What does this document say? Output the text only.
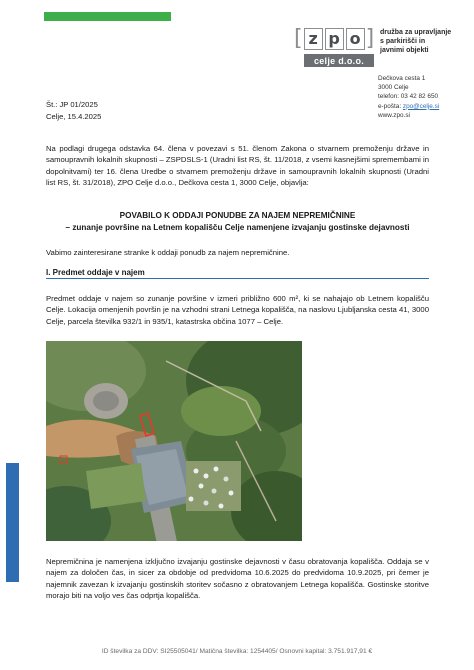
[ z p o ]
celje d.o.o.
družba za upravljanje
s parkirišči in
javnimi objekti
Dečkova cesta 1
3000 Celje
telefon: 03 42 82 650
e-pošta: zpo@celje.si
www.zpo.si
Št.: JP 01/2025
Celje, 15.4.2025
Na podlagi drugega odstavka 64. člena v povezavi s 51. členom Zakona o stvarnem premoženju države in samoupravnih lokalnih skupnosti – ZSPDSLS-1 (Uradni list RS, št. 11/2018, z vsemi kasnejšimi spremembami in dopolnitvami) ter 16. člena Uredbe o stvarnem premoženju države in samoupravnih lokalnih skupnosti (Uradni list RS, št. 31/2018), ZPO Celje d.o.o., Dečkova cesta 1, 3000 Celje, objavlja:
POVABILO K ODDAJI PONUDBE ZA NAJEM NEPREMIČNINE
– zunanje površine na Letnem kopališču Celje namenjene izvajanju gostinske dejavnosti
Vabimo zainteresirane stranke k oddaji ponudb za najem nepremičnine.
I. Predmet oddaje v najem
Predmet oddaje v najem so zunanje površine v izmeri približno 600 m², ki se nahajajo ob Letnem kopališču Celje. Lokacija omenjenih površin je na vzhodni strani Letnega kopališča, na naslovu Ljubljanska cesta 41, 3000 Celje, parcela številka 932/1 in 935/1, katastrska občina 1077 – Celje.
Nepremičnina je namenjena izključno izvajanju gostinske dejavnosti v času obratovanja kopališča. Oddaja se v najem za določen čas, in sicer za obdobje od predvidoma 10.6.2025 do predvidoma 10.9.2025, pri čemer je najemnik zavezan k izvajanju gostinskih storitev sočasno z obratovanjem Letnega kopališča. Gostinske storitve morajo biti na voljo ves čas odprtja kopališča.
ID številka za DDV: SI25505041/ Matična številka: 1254405/ Osnovni kapital: 3.751.917,91 €
